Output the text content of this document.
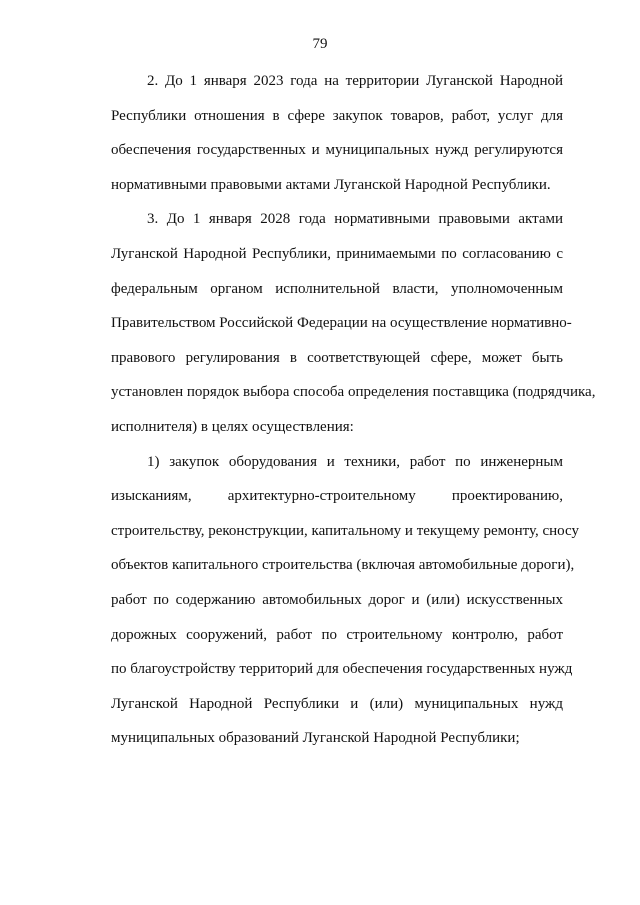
79

2. До 1 января 2023 года на территории Луганской Народной
Республики отношения в сфере закупок товаров, работ, услуг для
обеспечения государственных и муниципальных нужд регулируются
нормативными правовыми актами Луганской Народной Республики.

3. До 1 января 2028 года нормативными правовыми актами
Луганской Народной Республики, принимаемыми по согласованию с
федеральным органом исполнительной власти, уполномоченным
Правительством Российской Федерации на осуществление нормативно-
правового регулирования в соответствующей сфере, может быть
установлен порядок выбора способа определения поставщика (подрядчика,
исполнителя) в целях осуществления:

1) закупок оборудования и техники, работ по инженерным
изысканиям, архитектурно-строительному проектированию,
строительству, реконструкции, капитальному и текущему ремонту, сносу
объектов капитального строительства (включая автомобильные дороги),
работ по содержанию автомобильных дорог и (или) искусственных
дорожных сооружений, работ по строительному контролю, работ
по благоустройству территорий для обеспечения государственных нужд
Луганской Народной Республики и (или) муниципальных нужд
муниципальных образований Луганской Народной Республики;
